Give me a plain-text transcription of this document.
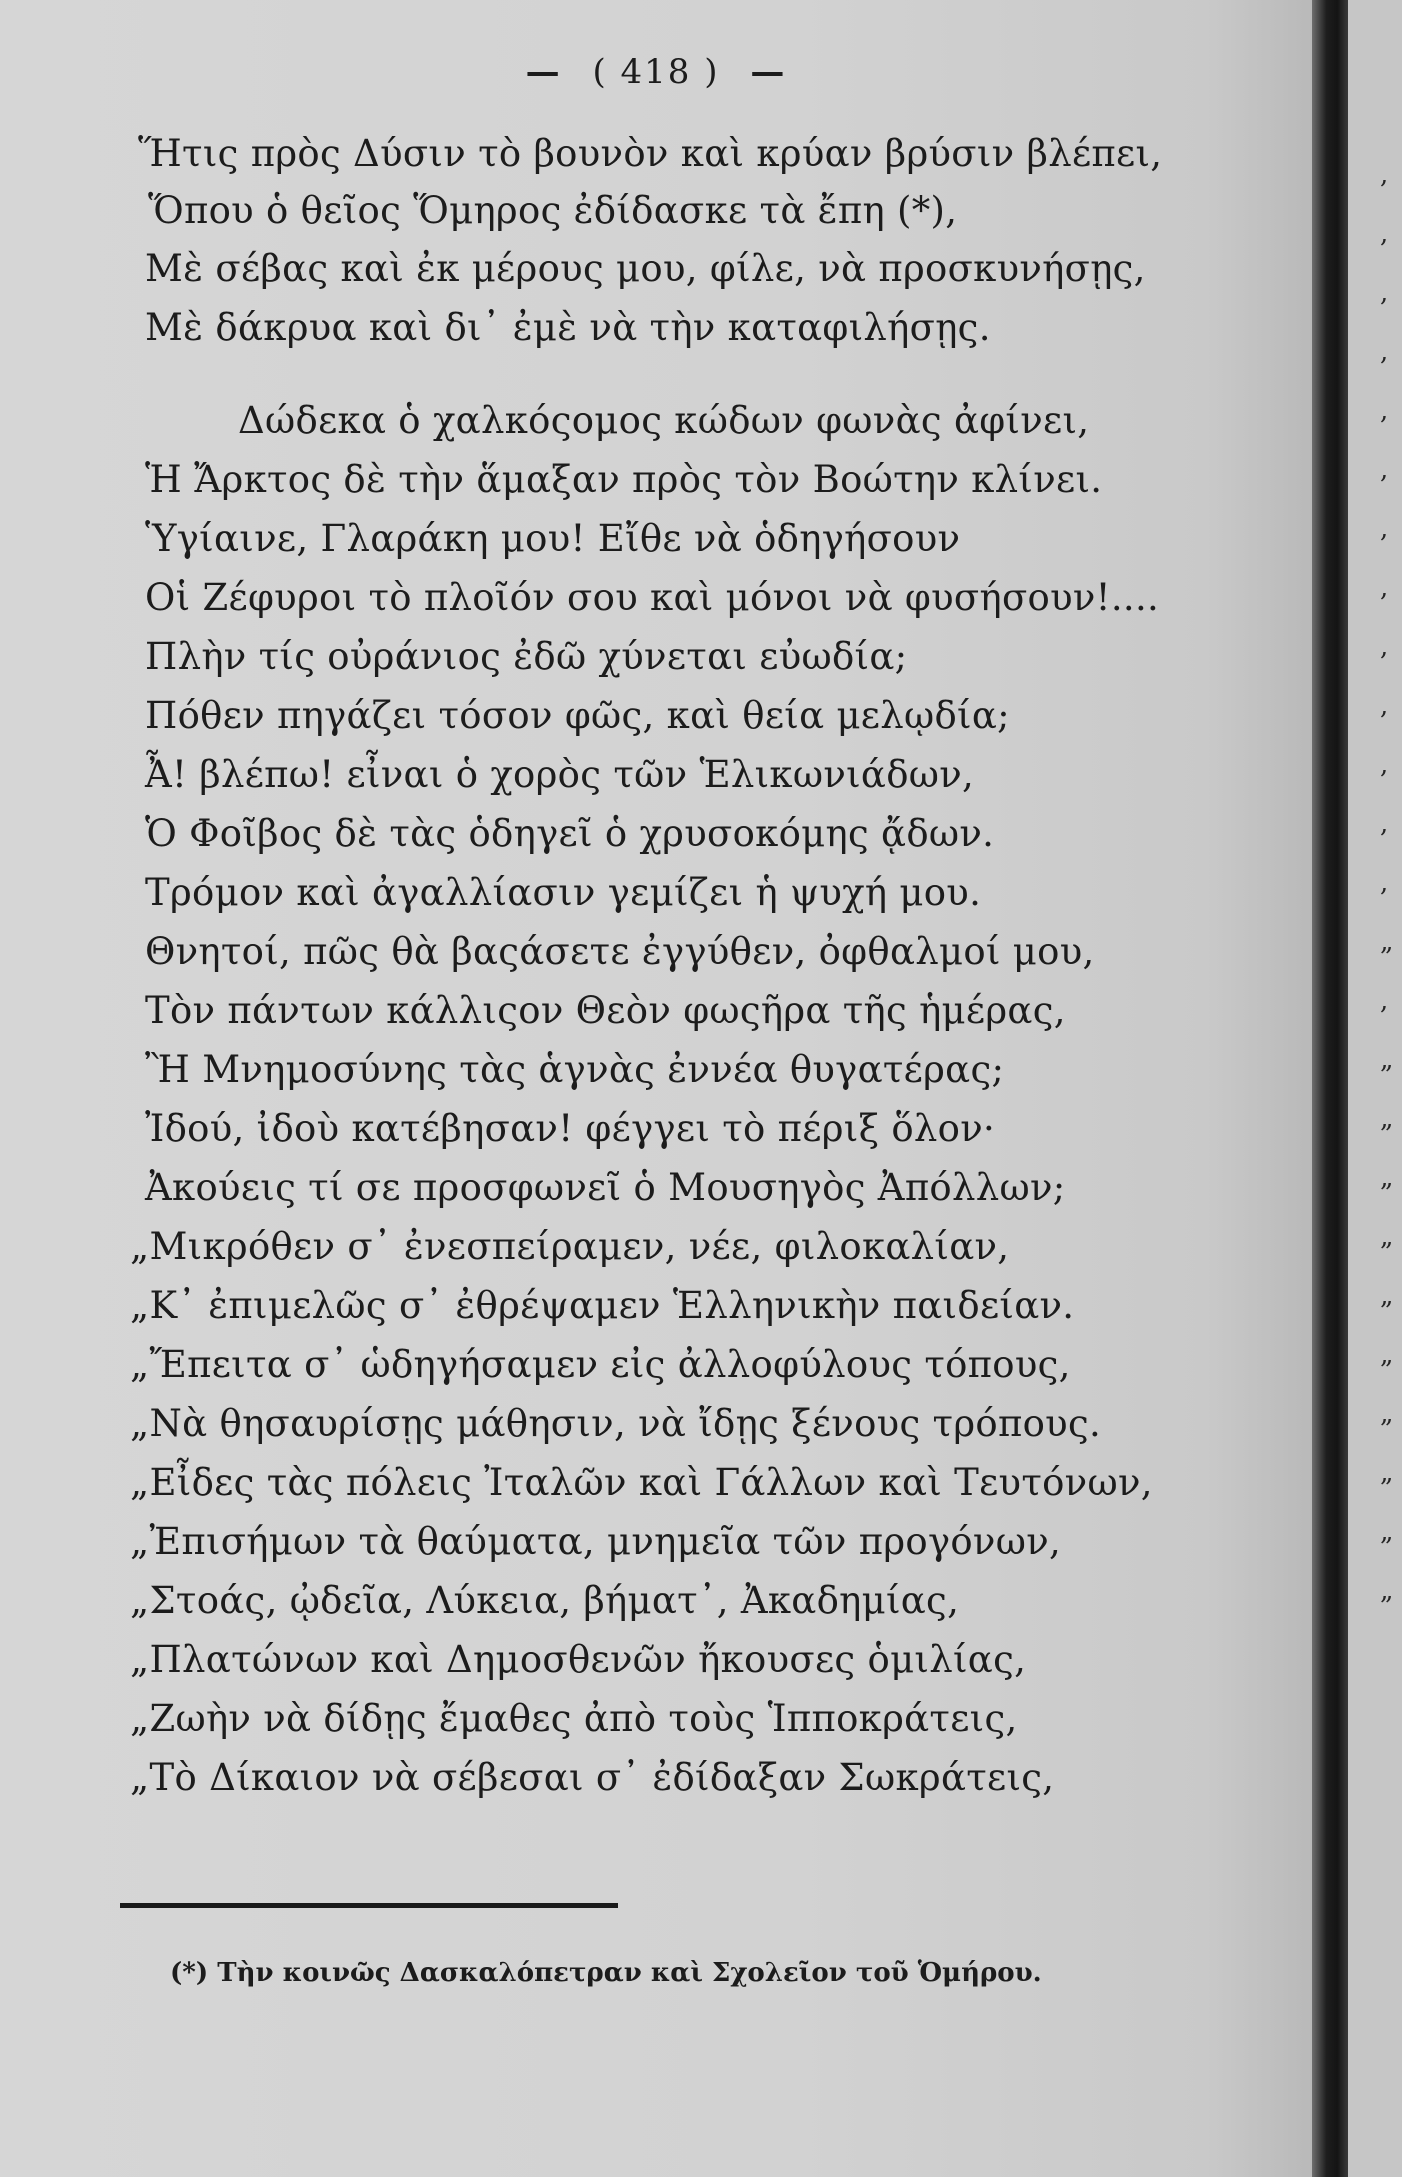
— ( 418 ) —
Ἥτις πρὸς Δύσιν τὸ βουνὸν καὶ κρύαν βρύσιν βλέπει,
Ὅπου ὁ θεῖος Ὅμηρος ἐδίδασκε τὰ ἔπη (*),
Μὲ σέβας καὶ ἐκ μέρους μου, φίλε, νὰ προσκυνήσῃς,
Μὲ δάκρυα καὶ δι᾽ ἐμὲ νὰ τὴν καταφιλήσῃς.
Δώδεκα ὁ χαλκόςομος κώδων φωνὰς ἀφίνει,
Ἡ Ἄρκτος δὲ τὴν ἅμαξαν πρὸς τὸν Βοώτην κλίνει.
Ὑγίαινε, Γλαράκη μου! Εἴθε νὰ ὁδηγήσουν
Οἱ Ζέφυροι τὸ πλοῖόν σου καὶ μόνοι νὰ φυσήσουν!....
Πλὴν τίς οὐράνιος ἐδῶ χύνεται εὐωδία;
Πόθεν πηγάζει τόσον φῶς, καὶ θεία μελῳδία;
Ἆ! βλέπω! εἶναι ὁ χορὸς τῶν Ἑλικωνιάδων,
Ὁ Φοῖβος δὲ τὰς ὁδηγεῖ ὁ χρυσοκόμης ᾄδων.
Τρόμον καὶ ἀγαλλίασιν γεμίζει ἡ ψυχή μου.
Θνητοί, πῶς θὰ βαςάσετε ἐγγύθεν, ὀφθαλμοί μου,
Τὸν πάντων κάλλιςον Θεὸν φωςῆρα τῆς ἡμέρας,
Ἢ Μνημοσύνης τὰς ἁγνὰς ἐννέα θυγατέρας;
Ἰδού, ἰδοὺ κατέβησαν! φέγγει τὸ πέριξ ὅλον·
Ἀκούεις τί σε προσφωνεῖ ὁ Μουσηγὸς Ἀπόλλων;
„Μικρόθεν σ᾽ ἐνεσπείραμεν, νέε, φιλοκαλίαν,
„Κ᾽ ἐπιμελῶς σ᾽ ἐθρέψαμεν Ἑλληνικὴν παιδείαν.
„Ἔπειτα σ᾽ ὡδηγήσαμεν εἰς ἀλλοφύλους τόπους,
„Νὰ θησαυρίσῃς μάθησιν, νὰ ἴδῃς ξένους τρόπους.
„Εἶδες τὰς πόλεις Ἰταλῶν καὶ Γάλλων καὶ Τευτόνων,
„Ἐπισήμων τὰ θαύματα, μνημεῖα τῶν προγόνων,
„Στοάς, ᾠδεῖα, Λύκεια, βήματ᾽, Ἀκαδημίας,
„Πλατώνων καὶ Δημοσθενῶν ἤκουσες ὁμιλίας,
„Ζωὴν νὰ δίδῃς ἔμαθες ἀπὸ τοὺς Ἱπποκράτεις,
„Τὸ Δίκαιον νὰ σέβεσαι σ᾽ ἐδίδαξαν Σωκράτεις,
(*) Τὴν κοινῶς Δασκαλόπετραν καὶ Σχολεῖον τοῦ Ὁμήρου.
,
,
,
,
,
,
,
,
,
,
,
,
,
„
,
„
„
„
„
„
„
„
„
„
„
